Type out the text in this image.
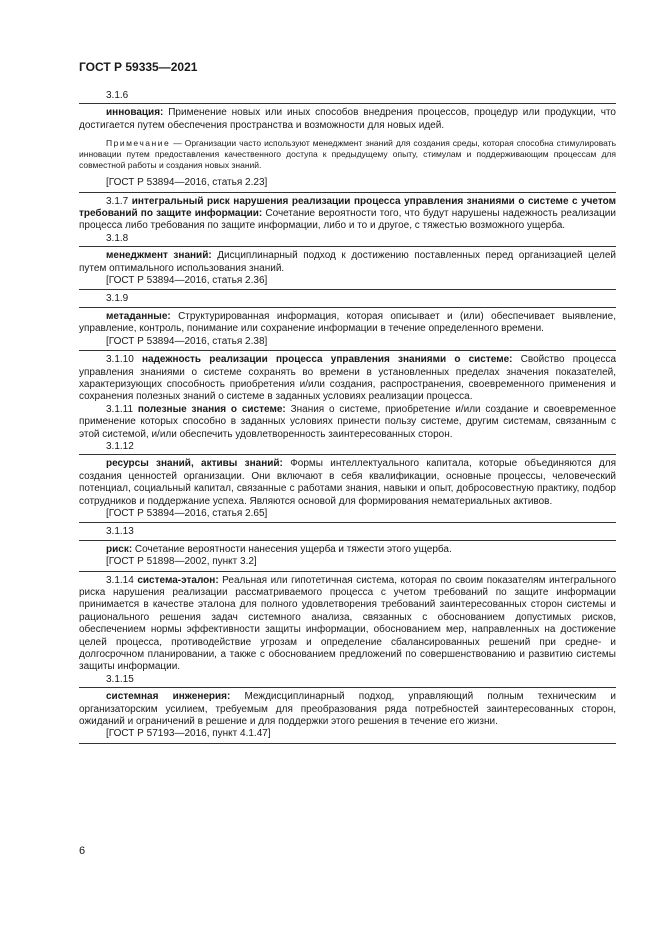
ГОСТ Р 59335—2021
3.1.6

инновация: Применение новых или иных способов внедрения процессов, процедур или продукции, что достигается путем обеспечения пространства и возможности для новых идей.

Примечание — Организации часто используют менеджмент знаний для создания среды, которая способна стимулировать инновации путем предоставления качественного доступа к предыдущему опыту, стимулам и поддерживающим процессам для совместной работы и создания новых знаний.

[ГОСТ Р 53894—2016, статья 2.23]

3.1.7 интегральный риск нарушения реализации процесса управления знаниями о системе с учетом требований по защите информации: Сочетание вероятности того, что будут нарушены надежность реализации процесса либо требования по защите информации, либо и то и другое, с тяжестью возможного ущерба.

3.1.8

менеджмент знаний: Дисциплинарный подход к достижению поставленных перед организацией целей путем оптимального использования знаний.

[ГОСТ Р 53894—2016, статья 2.36]
3.1.9

метаданные: Структурированная информация, которая описывает и (или) обеспечивает выявление, управление, контроль, понимание или сохранение информации в течение определенного времени.

[ГОСТ Р 53894—2016, статья 2.38]

3.1.10 надежность реализации процесса управления знаниями о системе: Свойство процесса управления знаниями о системе сохранять во времени в установленных пределах значения показателей, характеризующих способность приобретения и/или создания, распространения, своевременного применения и сохранения полезных знаний о системе в заданных условиях реализации процесса.

3.1.11 полезные знания о системе: Знания о системе, приобретение и/или создание и своевременное применение которых способно в заданных условиях принести пользу системе, другим системам, связанным с этой системой, и/или обеспечить удовлетворенность заинтересованных сторон.

3.1.12

ресурсы знаний, активы знаний: Формы интеллектуального капитала, которые объединяются для создания ценностей организации. Они включают в себя квалификации, основные процессы, человеческий потенциал, социальный капитал, связанные с работами знания, навыки и опыт, добросовестную практику, подбор сотрудников и поддержание успеха. Являются основой для формирования нематериальных активов.

[ГОСТ Р 53894—2016, статья 2.65]
3.1.13

риск: Сочетание вероятности нанесения ущерба и тяжести этого ущерба.

[ГОСТ Р 51898—2002, пункт 3.2]

3.1.14 система-эталон: Реальная или гипотетичная система, которая по своим показателям интегрального риска нарушения реализации рассматриваемого процесса с учетом требований по защите информации принимается в качестве эталона для полного удовлетворения требований заинтересованных сторон системы и рационального решения задач системного анализа, связанных с обоснованием допустимых рисков, обеспечением нормы эффективности защиты информации, обоснованием мер, направленных на достижение целей процесса, противодействие угрозам и определение сбалансированных решений при средне- и долгосрочном планировании, а также с обоснованием предложений по совершенствованию и развитию системы защиты информации.

3.1.15

системная инженерия: Междисциплинарный подход, управляющий полным техническим и организаторским усилием, требуемым для преобразования ряда потребностей заинтересованных сторон, ожиданий и ограничений в решение и для поддержки этого решения в течение его жизни.

[ГОСТ Р 57193—2016, пункт 4.1.47]
6
